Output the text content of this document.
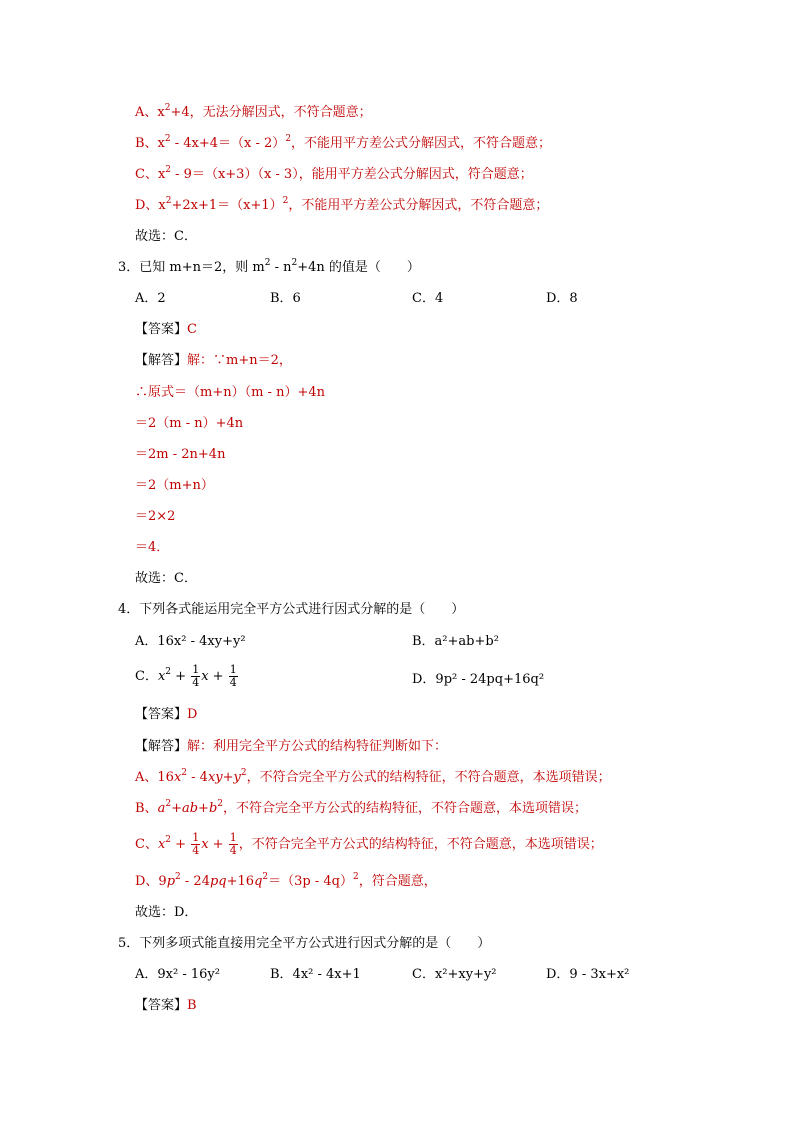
A、$x^2+4$，无法分解因式，不符合题意；
B、$x^2 - 4x+4=(x - 2)^2$，不能用平方差公式分解因式，不符合题意；
C、$x^2 - 9=(x+3)(x - 3)$，能用平方差公式分解因式，符合题意；
D、$x^2+2x+1=(x+1)^2$，不能用平方差公式分解因式，不符合题意；
故选：C．
3．已知 m+n＝2，则 $m^2 - n^2+4n$ 的值是（　　）
A．2	B．6	C．4	D．8
【答案】C
【解答】解：∵m+n＝2，
∴原式＝（m+n）（m - n）+4n
＝2（m - n）+4n
＝2m - 2n+4n
＝2（m+n）
＝2×2
＝4．
故选：C．
4．下列各式能运用完全平方公式进行因式分解的是（　　）
A．16x² - 4xy+y²	B．a²+ab+b²
C．$x^2 + \frac{1}{4}$ $x + \frac{1}{4}$	D．9p² - 24pq+16q²
【答案】D
【解答】解：利用完全平方公式的结构特征判断如下：
A、$16x^2 - 4xy+y^2$，不符合完全平方公式的结构特征，不符合题意，本选项错误；
B、$a^2+ab+b^2$，不符合完全平方公式的结构特征，不符合题意，本选项错误；
C、$x^2 + \frac{1}{4}$ $x + \frac{1}{4}$ ，不符合完全平方公式的结构特征，不符合题意，本选项错误；
D、$9p^2 - 24pq+16q^2=(3p - 4q)^2$，符合题意，
故选：D．
5．下列多项式能直接用完全平方公式进行因式分解的是（　　）
A．9x² - 16y²	B．4x² - 4x+1	C．x²+xy+y²	D．9 - 3x+x²
【答案】B
